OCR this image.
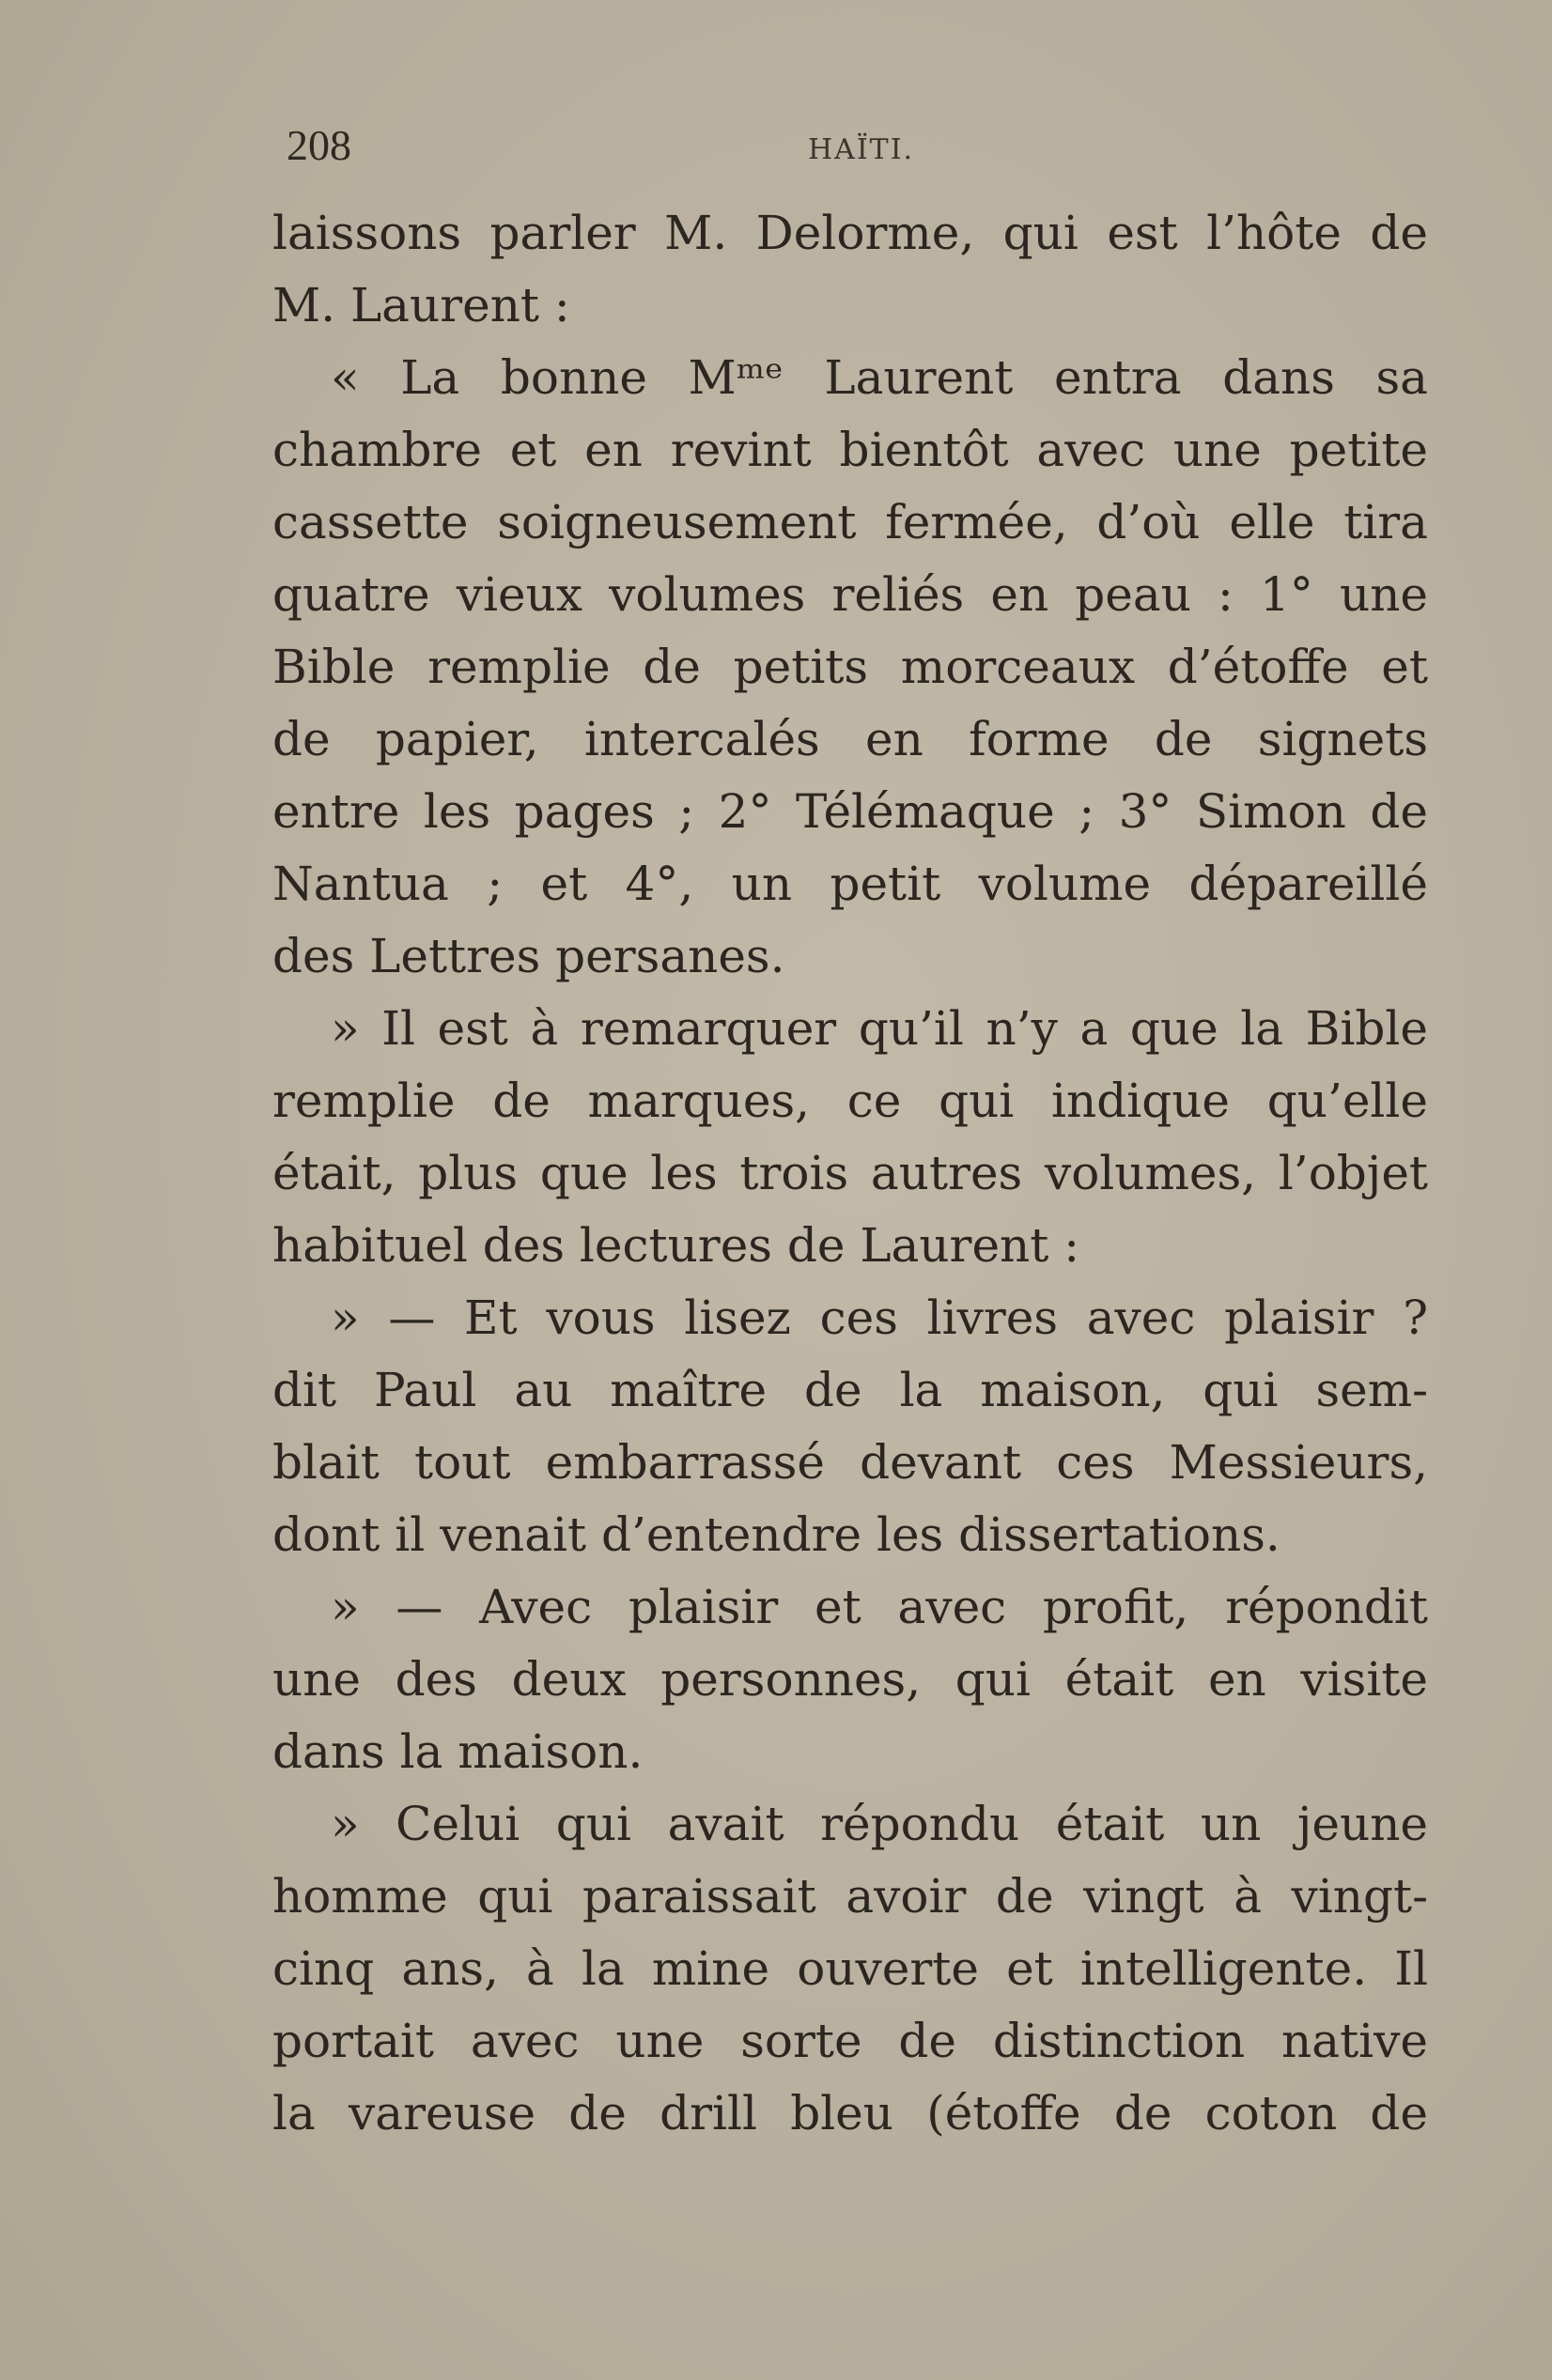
208	HAÏTI.
laissons parler M. Delorme, qui est l’hôte de
M. Laurent :
« La bonne Mᵐᵉ Laurent entra dans sa
chambre et en revint bientôt avec une petite
cassette soigneusement fermée, d’où elle tira
quatre vieux volumes reliés en peau : 1° une
Bible remplie de petits morceaux d’étoffe et
de papier, intercalés en forme de signets
entre les pages ; 2° Télémaque ; 3° Simon de
Nantua ; et 4°, un petit volume dépareillé
des Lettres persanes.
» Il est à remarquer qu’il n’y a que la Bible
remplie de marques, ce qui indique qu’elle
était, plus que les trois autres volumes, l’objet
habituel des lectures de Laurent :
» — Et vous lisez ces livres avec plaisir ?
dit Paul au maître de la maison, qui sem-
blait tout embarrassé devant ces Messieurs,
dont il venait d’entendre les dissertations.
» — Avec plaisir et avec profit, répondit
une des deux personnes, qui était en visite
dans la maison.
» Celui qui avait répondu était un jeune
homme qui paraissait avoir de vingt à vingt-
cinq ans, à la mine ouverte et intelligente. Il
portait avec une sorte de distinction native
la vareuse de drill bleu (étoffe de coton de
